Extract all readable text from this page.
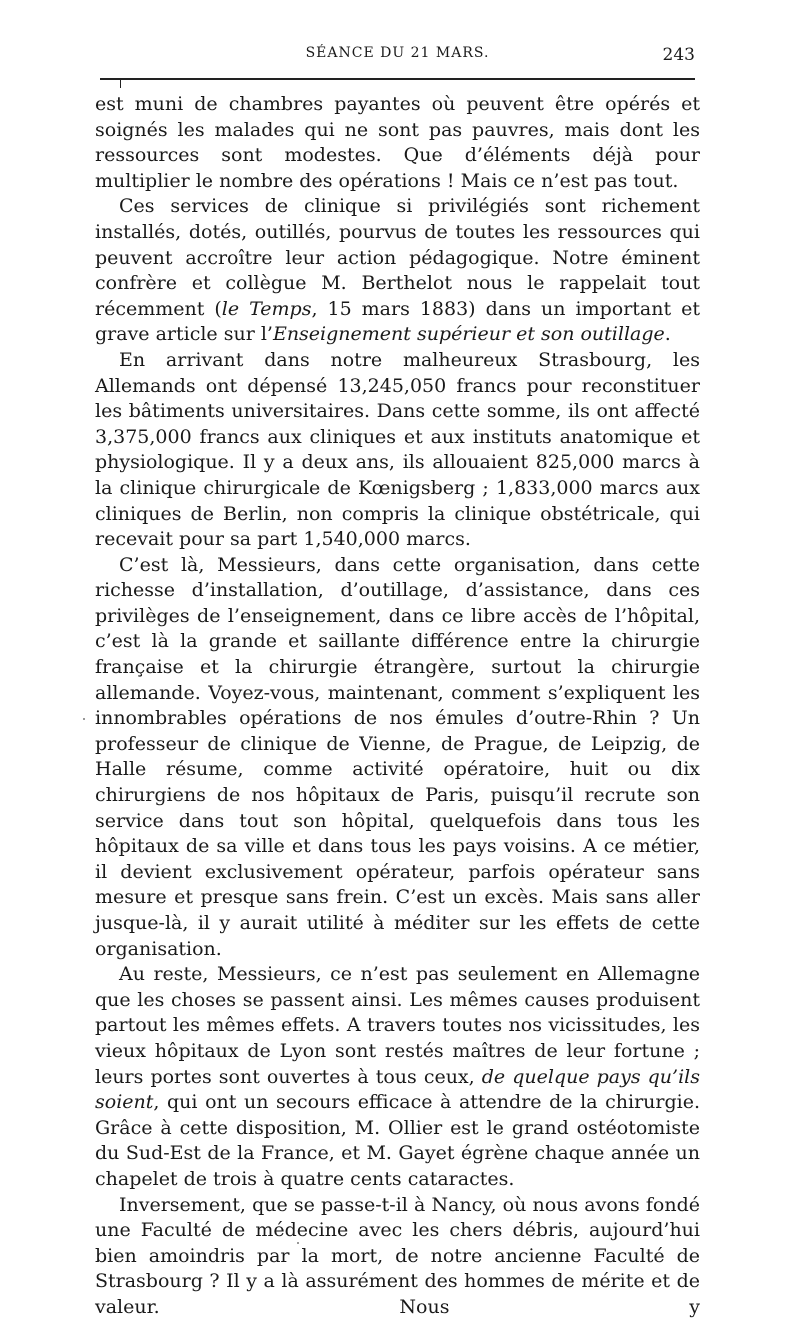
SÉANCE DU 21 MARS.	243

est muni de chambres payantes où peuvent être opérés et soignés les malades qui ne sont pas pauvres, mais dont les ressources sont modestes. Que d’éléments déjà pour multiplier le nombre des opérations ! Mais ce n’est pas tout.

Ces services de clinique si privilégiés sont richement installés, dotés, outillés, pourvus de toutes les ressources qui peuvent accroître leur action pédagogique. Notre éminent confrère et collègue M. Berthelot nous le rappelait tout récemment (le Temps, 15 mars 1883) dans un important et grave article sur l’Enseignement supérieur et son outillage.

En arrivant dans notre malheureux Strasbourg, les Allemands ont dépensé 13,245,050 francs pour reconstituer les bâtiments universitaires. Dans cette somme, ils ont affecté 3,375,000 francs aux cliniques et aux instituts anatomique et physiologique. Il y a deux ans, ils allouaient 825,000 marcs à la clinique chirurgicale de Kœnigsberg ; 1,833,000 marcs aux cliniques de Berlin, non compris la clinique obstétricale, qui recevait pour sa part 1,540,000 marcs.

C’est là, Messieurs, dans cette organisation, dans cette richesse d’installation, d’outillage, d’assistance, dans ces privilèges de l’enseignement, dans ce libre accès de l’hôpital, c’est là la grande et saillante différence entre la chirurgie française et la chirurgie étrangère, surtout la chirurgie allemande. Voyez-vous, maintenant, comment s’expliquent les innombrables opérations de nos émules d’outre-Rhin ? Un professeur de clinique de Vienne, de Prague, de Leipzig, de Halle résume, comme activité opératoire, huit ou dix chirurgiens de nos hôpitaux de Paris, puisqu’il recrute son service dans tout son hôpital, quelquefois dans tous les hôpitaux de sa ville et dans tous les pays voisins. A ce métier, il devient exclusivement opérateur, parfois opérateur sans mesure et presque sans frein. C’est un excès. Mais sans aller jusque-là, il y aurait utilité à méditer sur les effets de cette organisation.

Au reste, Messieurs, ce n’est pas seulement en Allemagne que les choses se passent ainsi. Les mêmes causes produisent partout les mêmes effets. A travers toutes nos vicissitudes, les vieux hôpitaux de Lyon sont restés maîtres de leur fortune ; leurs portes sont ouvertes à tous ceux, de quelque pays qu’ils soient, qui ont un secours efficace à attendre de la chirurgie. Grâce à cette disposition, M. Ollier est le grand ostéotomiste du Sud-Est de la France, et M. Gayet égrène chaque année un chapelet de trois à quatre cents cataractes.

Inversement, que se passe-t-il à Nancy, où nous avons fondé une Faculté de médecine avec les chers débris, aujourd’hui bien amoindris par la mort, de notre ancienne Faculté de Strasbourg ? Il y a là assurément des hommes de mérite et de valeur. Nous y
